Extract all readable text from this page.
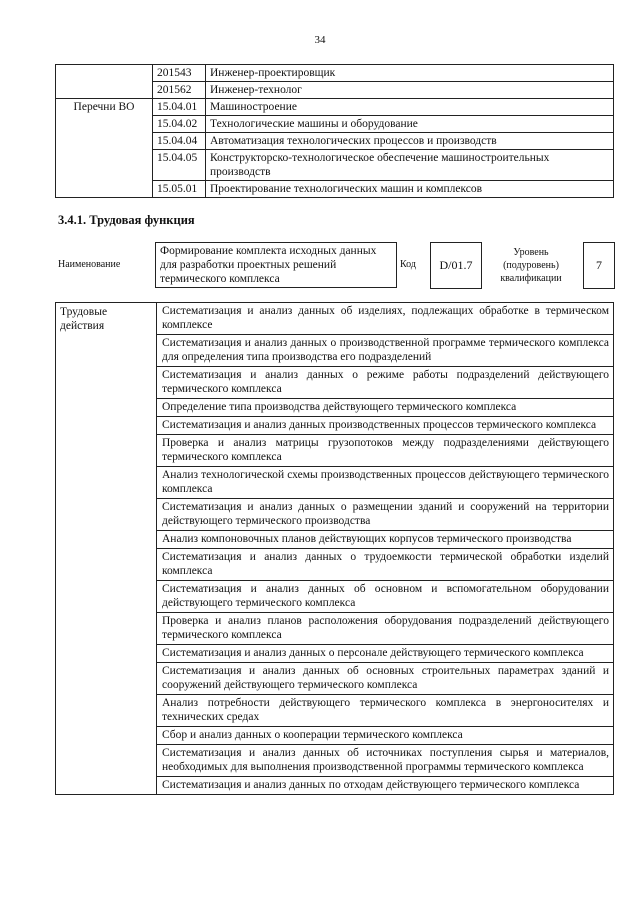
34
	201543	Инженер-проектировщик
	201562	Инженер-технолог
Перечни ВО	15.04.01	Машиностроение
	15.04.02	Технологические машины и оборудование
	15.04.04	Автоматизация технологических процессов и производств
	15.04.05	Конструкторско-технологическое обеспечение машиностроительных производств
	15.05.01	Проектирование технологических машин и комплексов
3.4.1. Трудовая функция
Наименование
Формирование комплекта исходных данных для разработки проектных решений термического комплекса
Код D/01.7
Уровень (подуровень) квалификации
7
Трудовые действия	Систематизация и анализ данных об изделиях, подлежащих обработке в термическом комплексе
Систематизация и анализ данных о производственной программе термического комплекса для определения типа производства его подразделений
Систематизация и анализ данных о режиме работы подразделений действующего термического комплекса
Определение типа производства действующего термического комплекса
Систематизация и анализ данных производственных процессов термического комплекса
Проверка и анализ матрицы грузопотоков между подразделениями действующего термического комплекса
Анализ технологической схемы производственных процессов действующего термического комплекса
Систематизация и анализ данных о размещении зданий и сооружений на территории действующего термического производства
Анализ компоновочных планов действующих корпусов термического производства
Систематизация и анализ данных о трудоемкости термической обработки изделий комплекса
Систематизация и анализ данных об основном и вспомогательном оборудовании действующего термического комплекса
Проверка и анализ планов расположения оборудования подразделений действующего термического комплекса
Систематизация и анализ данных о персонале действующего термического комплекса
Систематизация и анализ данных об основных строительных параметрах зданий и сооружений действующего термического комплекса
Анализ потребности действующего термического комплекса в энергоносителях и технических средах
Сбор и анализ данных о кооперации термического комплекса
Систематизация и анализ данных об источниках поступления сырья и материалов, необходимых для выполнения производственной программы термического комплекса
Систематизация и анализ данных по отходам действующего термического комплекса
